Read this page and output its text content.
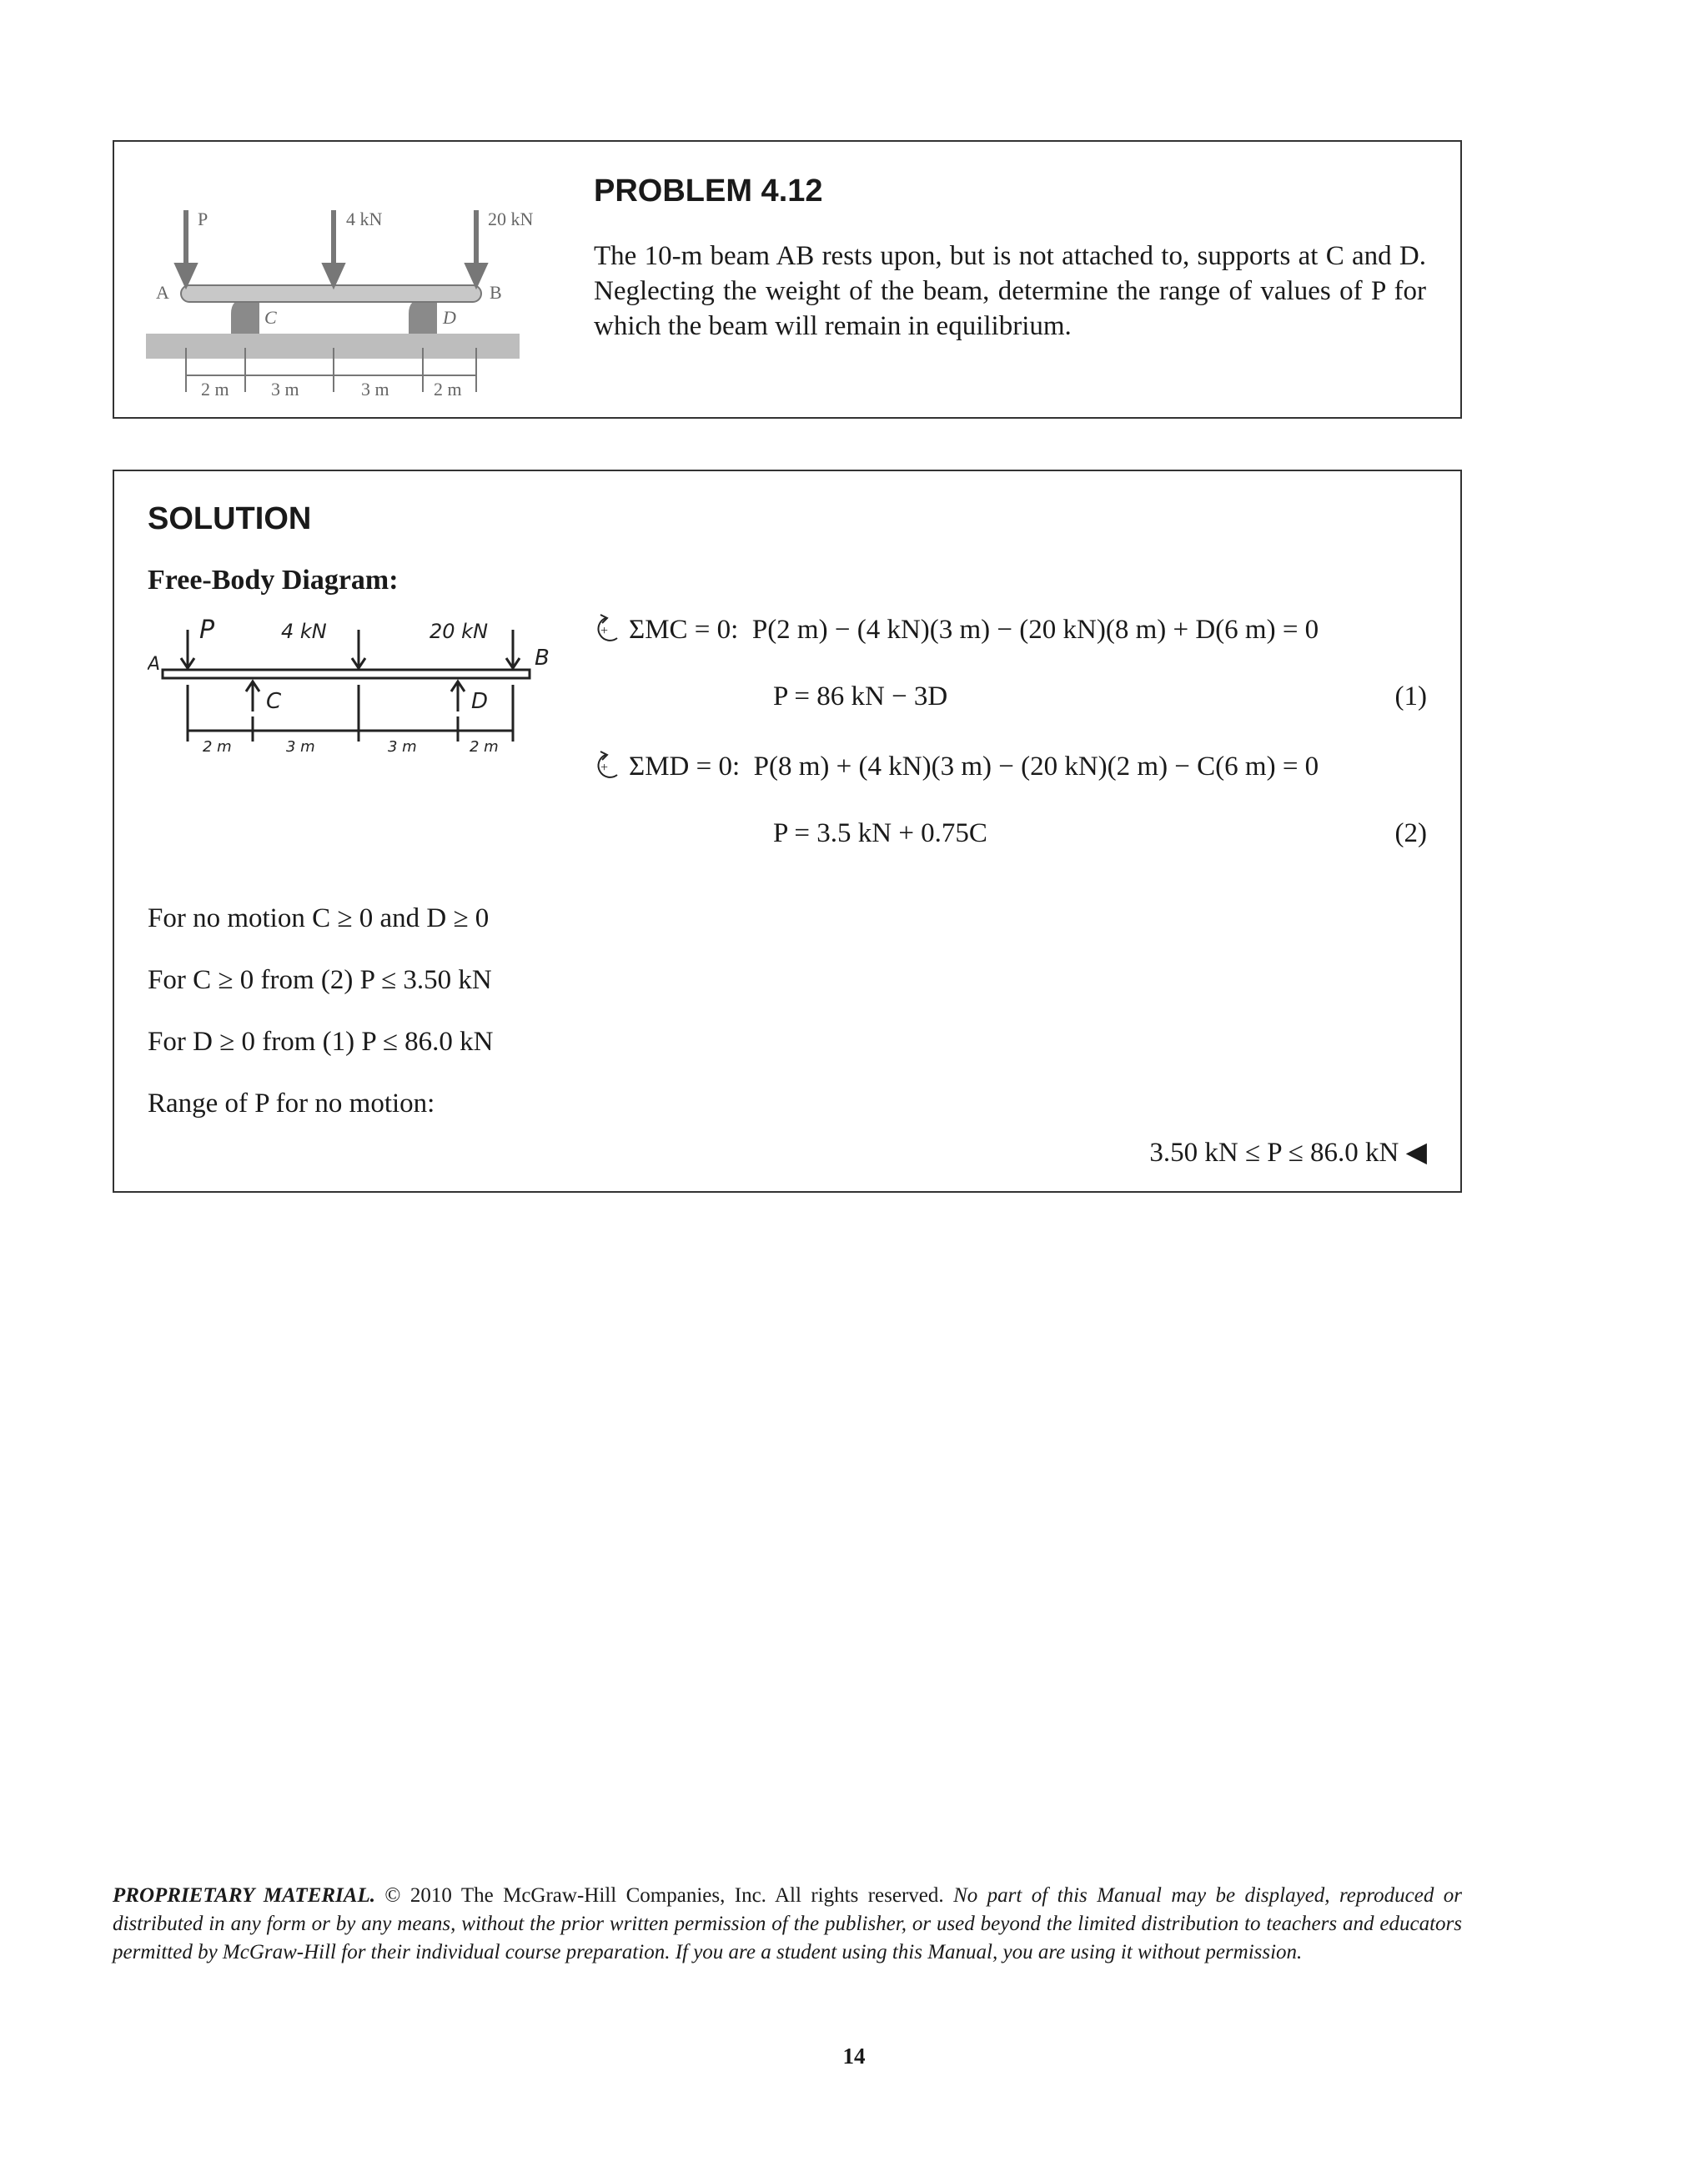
P	4 kN	20 kN
A	B
C	D
2 m 3 m	3 m 2 m
PROBLEM 4.12
The 10-m beam AB rests upon, but is not attached to, supports at C and D. Neglecting the weight of the beam, determine the range of values of P for which the beam will remain in equilibrium.
SOLUTION
Free-Body Diagram:
P	4 kN	20 kN
A	B
C	D
2 m	3 m	3 m	2 m
+ ΣMC = 0: P(2 m) − (4 kN)(3 m) − (20 kN)(8 m) + D(6 m) = 0
P = 86 kN − 3D	(1)
+ ΣMD = 0: P(8 m) + (4 kN)(3 m) − (20 kN)(2 m) − C(6 m) = 0
P = 3.5 kN + 0.75C	(2)
For no motion C ≥ 0 and D ≥ 0
For C ≥ 0 from (2) P ≤ 3.50 kN
For D ≥ 0 from (1) P ≤ 86.0 kN
Range of P for no motion:
3.50 kN ≤ P ≤ 86.0 kN ◀
PROPRIETARY MATERIAL. © 2010 The McGraw-Hill Companies, Inc. All rights reserved. No part of this Manual may be displayed, reproduced or distributed in any form or by any means, without the prior written permission of the publisher, or used beyond the limited distribution to teachers and educators permitted by McGraw-Hill for their individual course preparation. If you are a student using this Manual, you are using it without permission.
14
